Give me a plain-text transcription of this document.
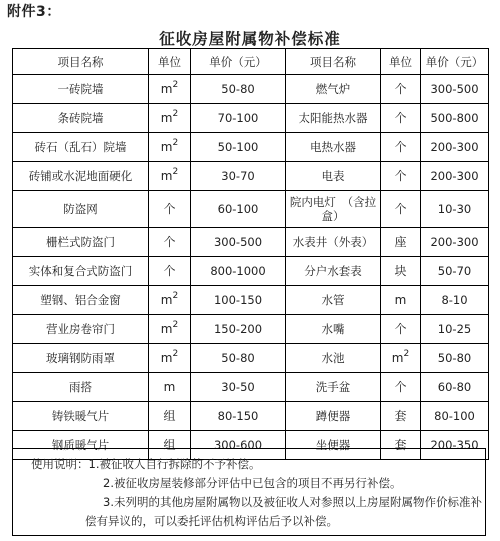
附件3：
征收房屋附属物补偿标准
项目名称	单位	单价（元）	项目名称	单位	单价（元）
一砖院墙	$m^2$	50-80	燃气炉	个	300-500
条砖院墙	$m^2$	70-100	太阳能热水器	个	500-800
砖石（乱石）院墙	$m^2$	50-100	电热水器	个	200-300
砖铺或水泥地面硬化	$m^2$	30-70	电表	个	200-300
防盗网	个	60-100	院内电灯　（含拉盒）	个	10-30
栅栏式防盗门	个	300-500	水表井（外表）	座	200-300
实体和复合式防盗门	个	800-1000	分户水套表	块	50-70
塑钢、铝合金窗	$m^2$	100-150	水管	m	8-10
营业房卷帘门	$m^2$	150-200	水嘴	个	10-25
玻璃钢防雨罩	$m^2$	50-80	水池	$m^2$	50-80
雨搭	m	30-50	洗手盆	个	60-80
铸铁暖气片	组	80-150	蹲便器	套	80-100
钢质暖气片	组	300-600	坐便器	套	200-350
使用说明：1.被征收人自行拆除的不予补偿。
2.被征收房屋装修部分评估中已包含的项目不再另行补偿。
3.未列明的其他房屋附属物以及被征收人对参照以上房屋附属物作价标准补
偿有异议的，可以委托评估机构评估后予以补偿。
